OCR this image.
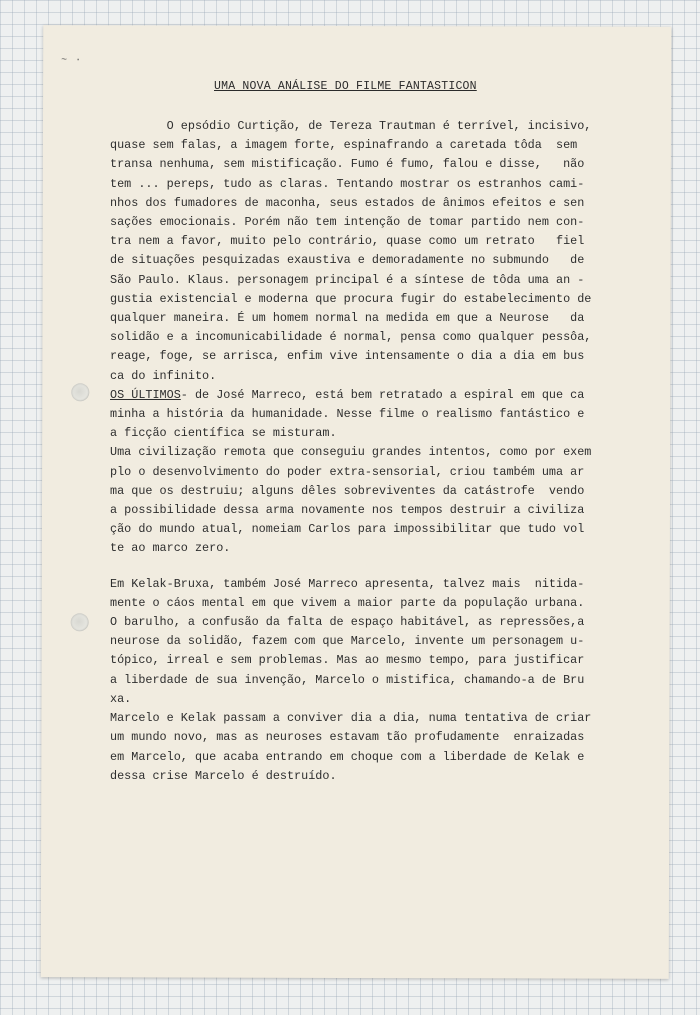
~ ·
UMA NOVA ANÁLISE DO FILME FANTASTICON
O epsódio Curtição, de Tereza Trautman é terrível, incisivo,
quase sem falas, a imagem forte, espinafrando a caretada tôda  sem
transa nenhuma, sem mistificação. Fumo é fumo, falou e disse,   não
tem ... pereps, tudo as claras. Tentando mostrar os estranhos cami-
nhos dos fumadores de maconha, seus estados de ânimos efeitos e sen
sações emocionais. Porém não tem intenção de tomar partido nem con-
tra nem a favor, muito pelo contrário, quase como um retrato   fiel
de situações pesquizadas exaustiva e demoradamente no submundo   de
São Paulo. Klaus. personagem principal é a síntese de tôda uma an -
gustia existencial e moderna que procura fugir do estabelecimento de
qualquer maneira. É um homem normal na medida em que a Neurose   da
solidão e a incomunicabilidade é normal, pensa como qualquer pessôa,
reage, foge, se arrisca, enfim vive intensamente o dia a dia em bus
ca do infinito.
OS ÚLTIMOS- de José Marreco, está bem retratado a espiral em que ca
minha a história da humanidade. Nesse filme o realismo fantástico e
a ficção científica se misturam.
Uma civilização remota que conseguiu grandes intentos, como por exem
plo o desenvolvimento do poder extra-sensorial, criou também uma ar
ma que os destruiu; alguns dêles sobreviventes da catástrofe  vendo
a possibilidade dessa arma novamente nos tempos destruir a civiliza
ção do mundo atual, nomeiam Carlos para impossibilitar que tudo vol
te ao marco zero.
Em Kelak-Bruxa, também José Marreco apresenta, talvez mais  nitida-
mente o cáos mental em que vivem a maior parte da população urbana.
O barulho, a confusão da falta de espaço habitável, as repressões,a
neurose da solidão, fazem com que Marcelo, invente um personagem u-
tópico, irreal e sem problemas. Mas ao mesmo tempo, para justificar
a liberdade de sua invenção, Marcelo o mistifica, chamando-a de Bru
xa.
Marcelo e Kelak passam a conviver dia a dia, numa tentativa de criar
um mundo novo, mas as neuroses estavam tão profudamente  enraizadas
em Marcelo, que acaba entrando em choque com a liberdade de Kelak e
dessa crise Marcelo é destruído.
